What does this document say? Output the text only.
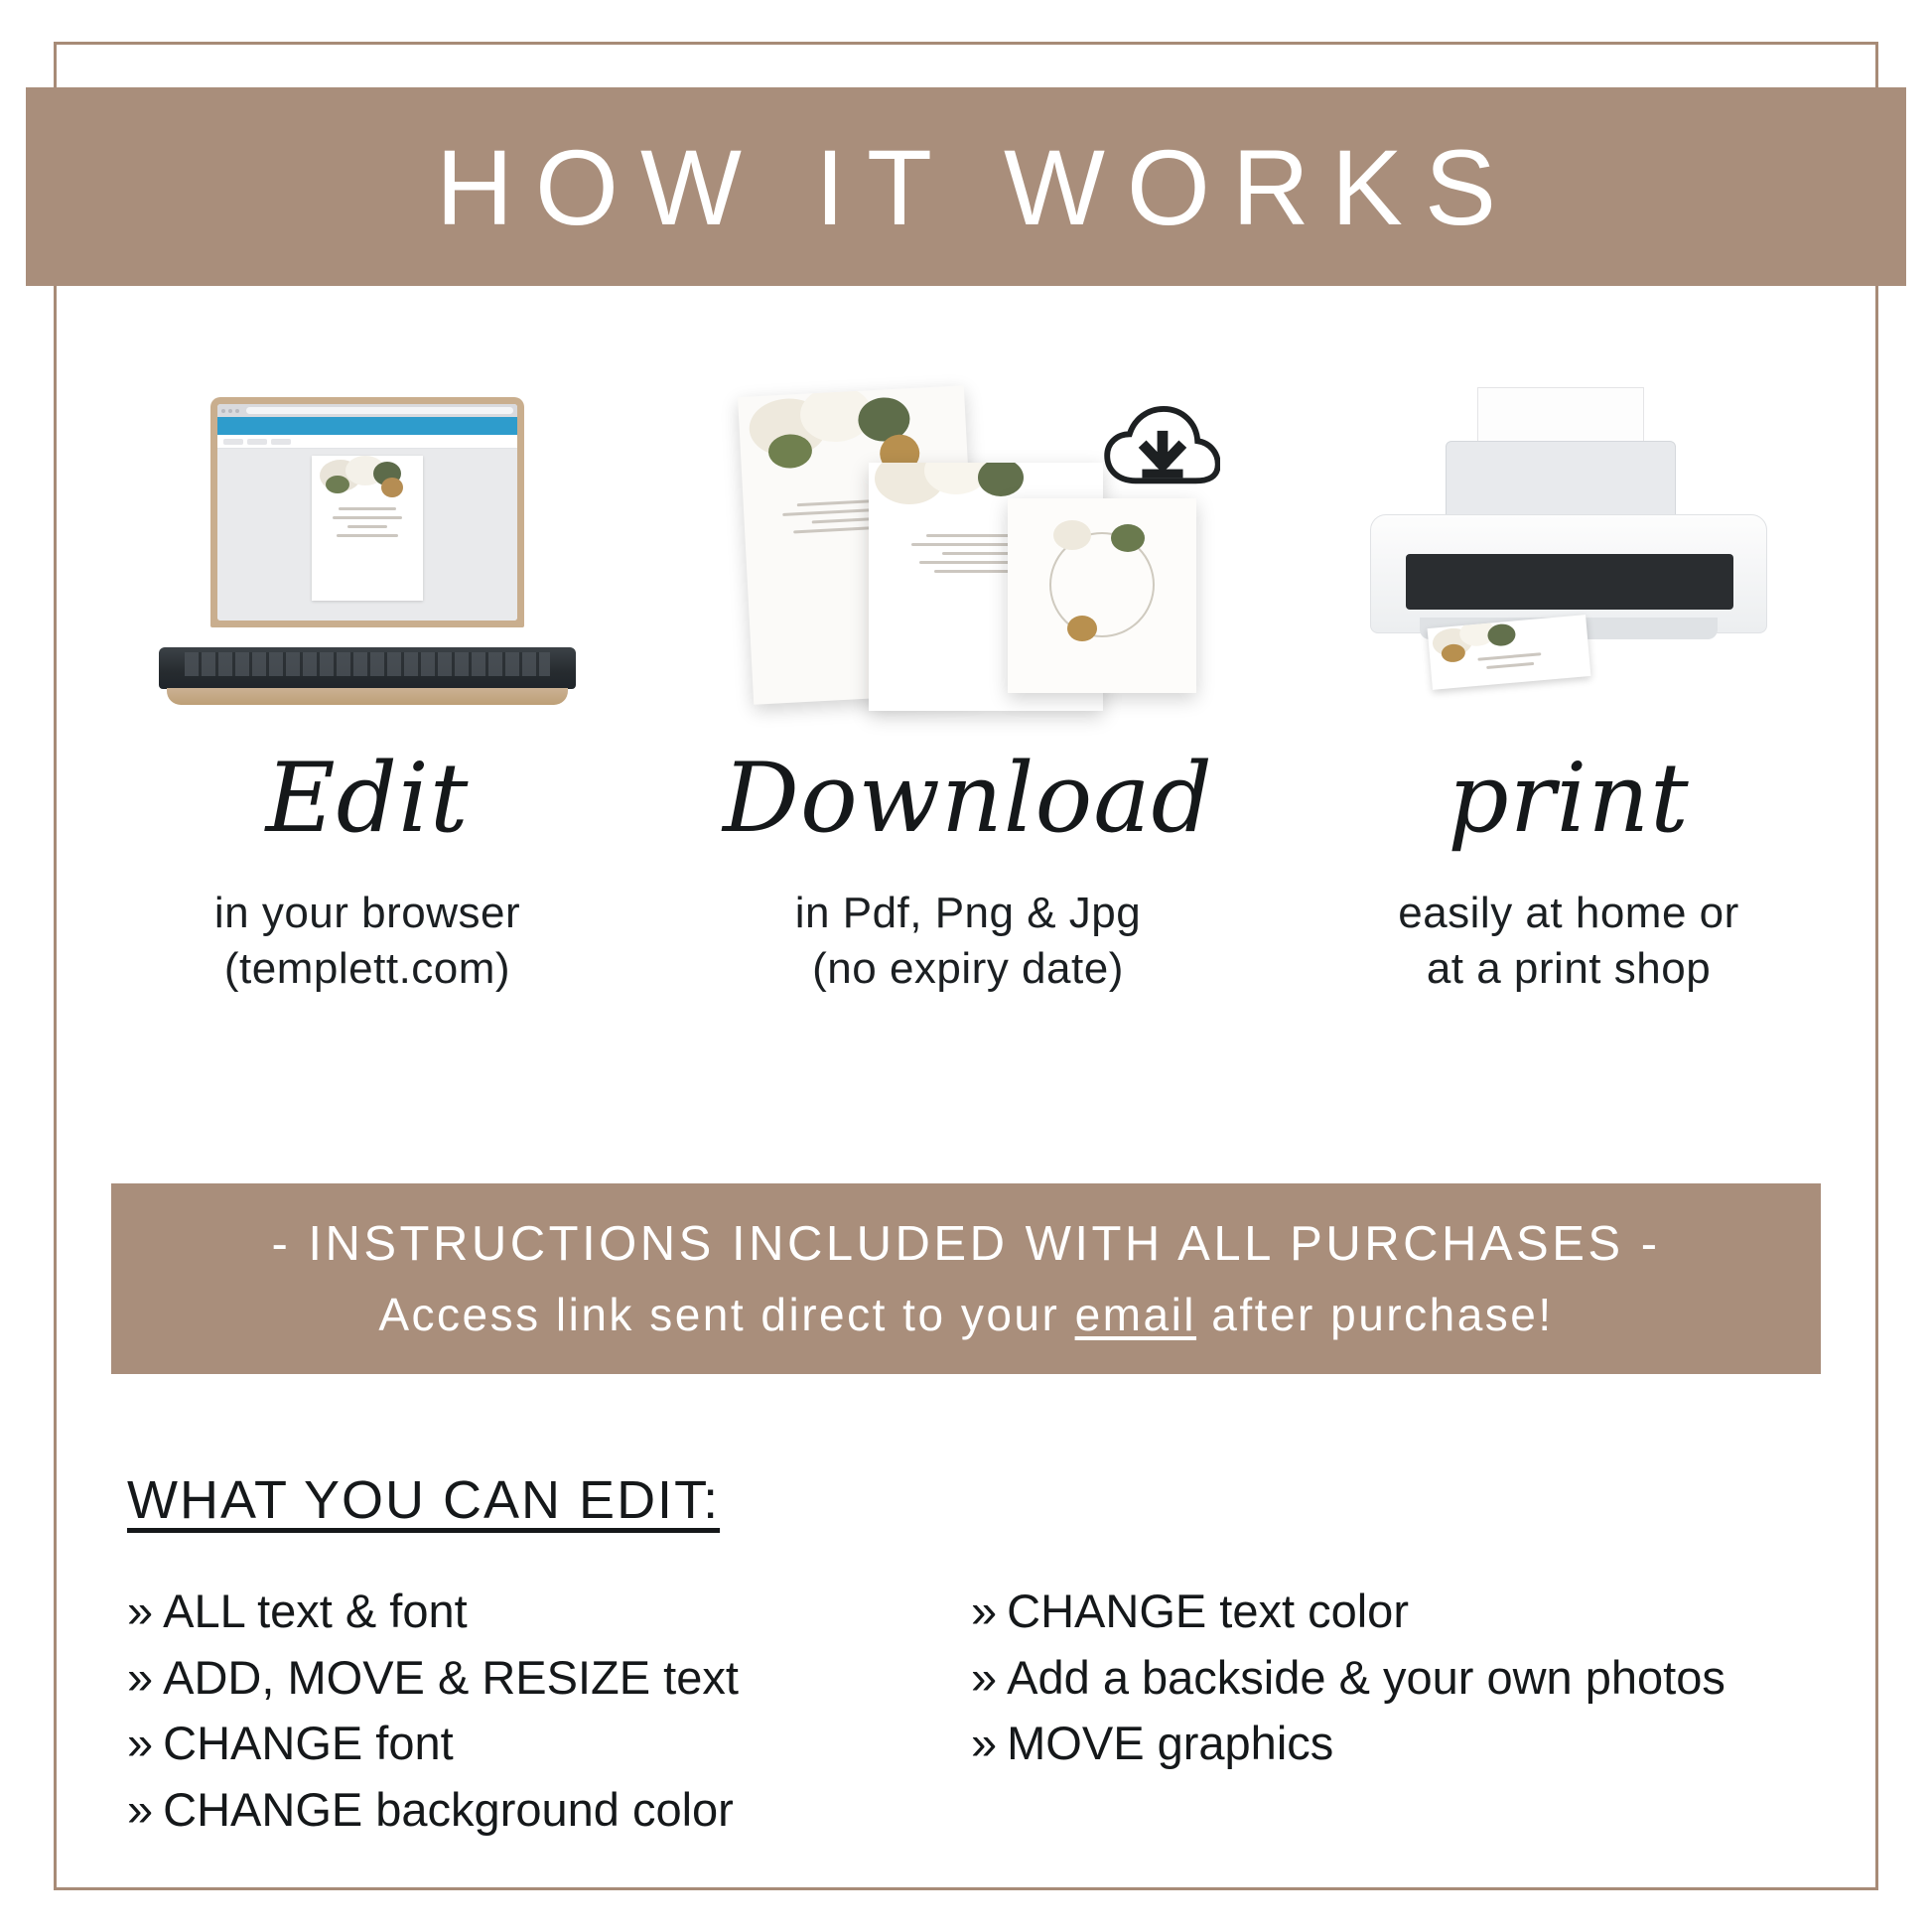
HOW IT WORKS
Edit
in your browser
(templett.com)
Download
in Pdf, Png & Jpg
(no expiry date)
print
easily at home or
at a print shop
- INSTRUCTIONS INCLUDED WITH ALL PURCHASES -
Access link sent direct to your email after purchase!
WHAT YOU CAN EDIT:
» ALL text & font
» ADD, MOVE & RESIZE text
» CHANGE font
» CHANGE background color
» CHANGE text color
» Add a backside & your own photos
» MOVE graphics
